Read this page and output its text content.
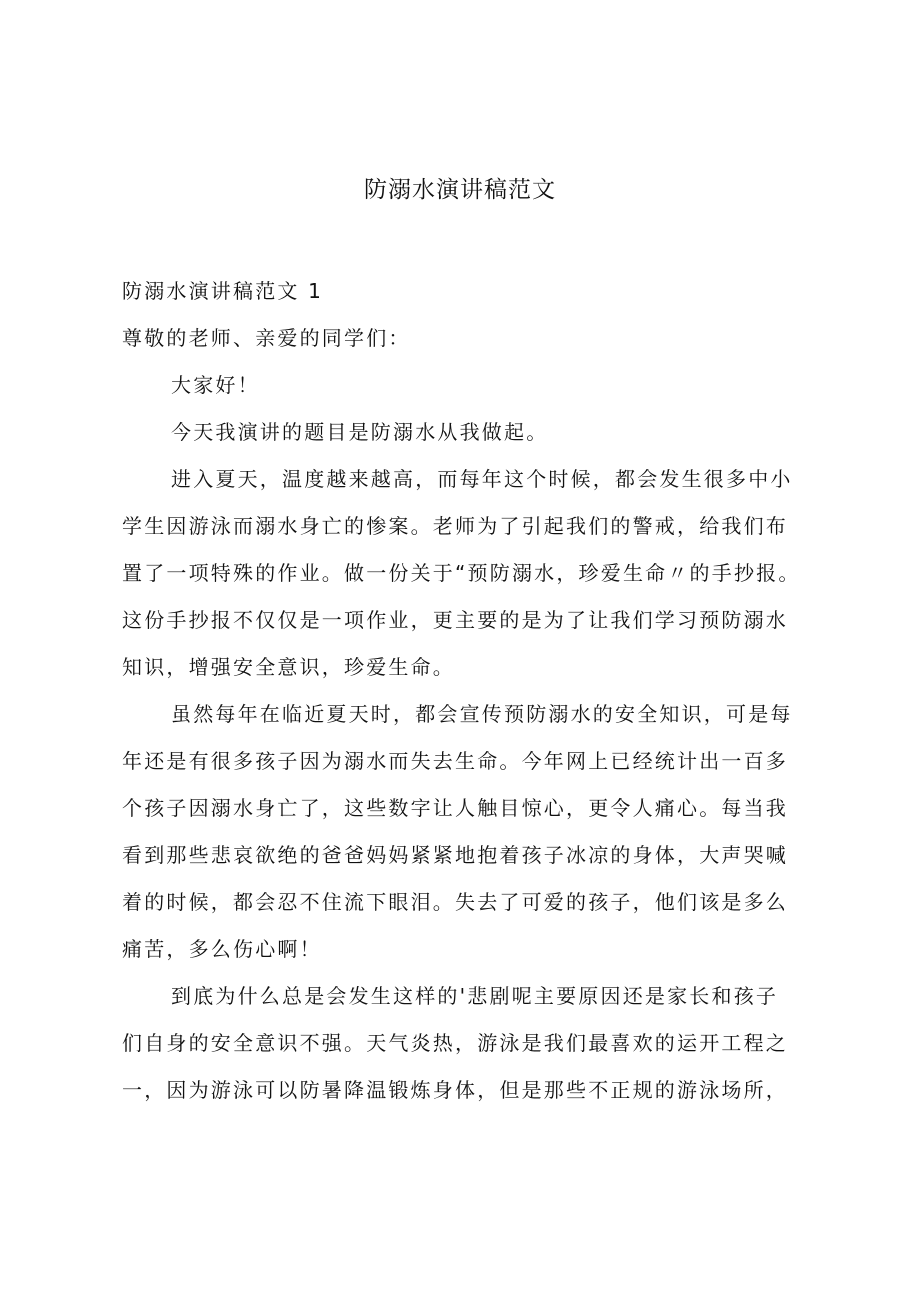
防溺水演讲稿范文
防溺水演讲稿范文 1
尊敬的老师、亲爱的同学们：
大家好！
今天我演讲的题目是防溺水从我做起。
进入夏天，温度越来越高，而每年这个时候，都会发生很多中小
学生因游泳而溺水身亡的惨案。老师为了引起我们的警戒，给我们布
置了一项特殊的作业。做一份关于“预防溺水，珍爱生命〃的手抄报。
这份手抄报不仅仅是一项作业，更主要的是为了让我们学习预防溺水
知识，增强安全意识，珍爱生命。
虽然每年在临近夏天时，都会宣传预防溺水的安全知识，可是每
年还是有很多孩子因为溺水而失去生命。今年网上已经统计出一百多
个孩子因溺水身亡了，这些数字让人触目惊心，更令人痛心。每当我
看到那些悲哀欲绝的爸爸妈妈紧紧地抱着孩子冰凉的身体，大声哭喊
着的时候，都会忍不住流下眼泪。失去了可爱的孩子，他们该是多么
痛苦，多么伤心啊！
到底为什么总是会发生这样的'悲剧呢主要原因还是家长和孩子
们自身的安全意识不强。天气炎热，游泳是我们最喜欢的运开工程之
一，因为游泳可以防暑降温锻炼身体，但是那些不正规的游泳场所，
